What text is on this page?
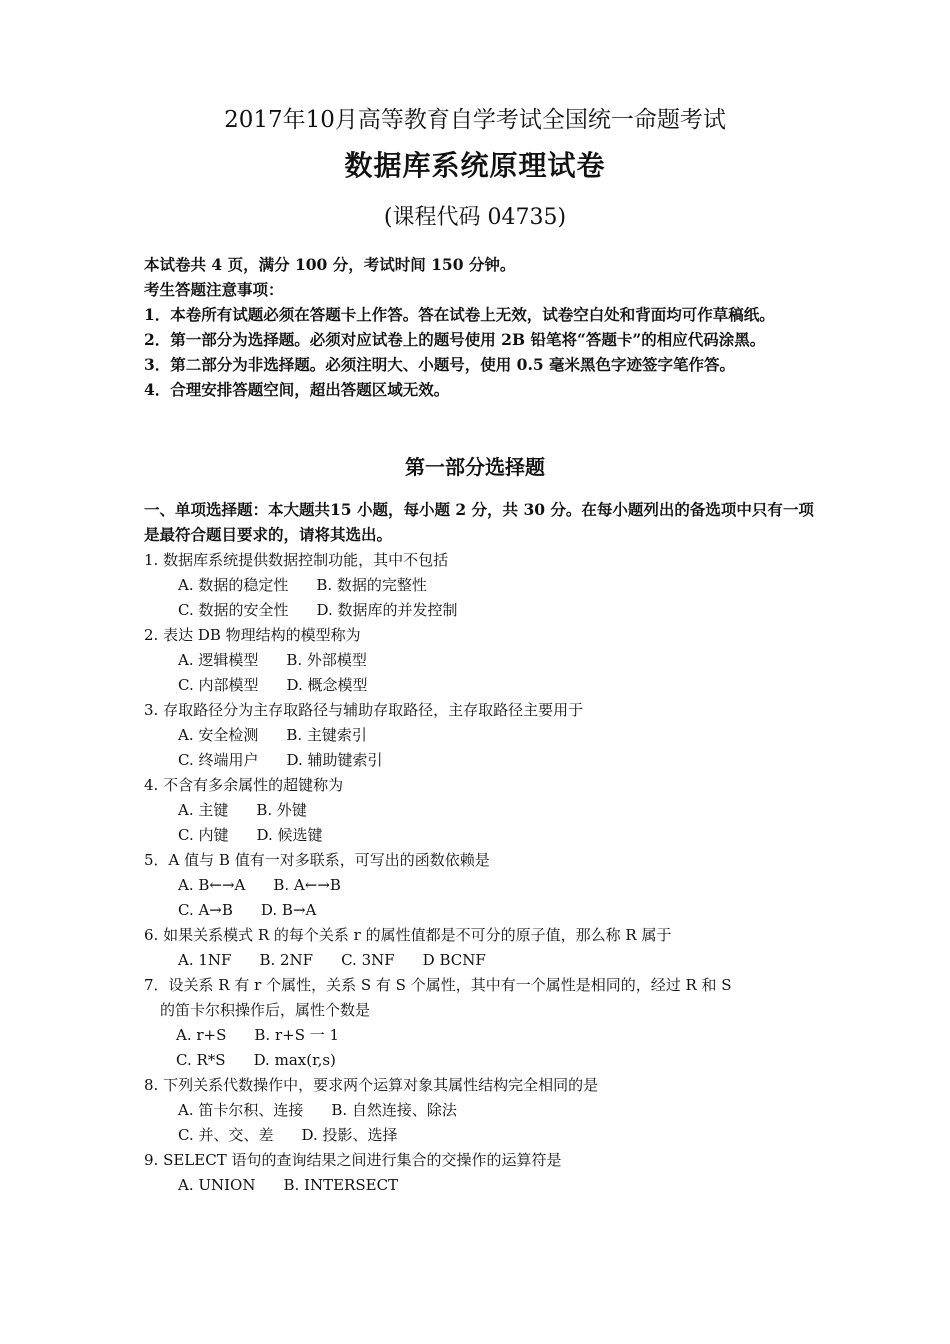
2017年10月高等教育自学考试全国统一命题考试
数据库系统原理试卷
(课程代码 04735)
本试卷共 4 页，满分 100 分，考试时间 150 分钟。
考生答题注意事项：
1．本卷所有试题必须在答题卡上作答。答在试卷上无效，试卷空白处和背面均可作草稿纸。
2．第一部分为选择题。必须对应试卷上的题号使用 2B 铅笔将“答题卡”的相应代码涂黑。
3．第二部分为非选择题。必须注明大、小题号，使用 0.5 毫米黑色字迹签字笔作答。
4．合理安排答题空间，超出答题区域无效。
第一部分选择题
一、单项选择题：本大题共15 小题，每小题 2 分，共 30 分。在每小题列出的备选项中只有一项是最符合题目要求的，请将其选出。
1. 数据库系统提供数据控制功能，其中不包括
A. 数据的稳定性 B. 数据的完整性
C. 数据的安全性 D. 数据库的并发控制
2. 表达 DB 物理结构的模型称为
A. 逻辑模型 B. 外部模型
C. 内部模型 D. 概念模型
3. 存取路径分为主存取路径与辅助存取路径，主存取路径主要用于
A. 安全检测 B. 主键索引
C. 终端用户 D. 辅助键索引
4. 不含有多余属性的超键称为
A. 主键 B. 外键
C. 内键 D. 候选键
5．A 值与 B 值有一对多联系，可写出的函数依赖是
A. B←→A B. A←→B
C. A→B D. B→A
6. 如果关系模式 R 的每个关系 r 的属性值都是不可分的原子值，那么称 R 属于
A. 1NF B. 2NF C. 3NF D BCNF
7．设关系 R 有 r 个属性，关系 S 有 S 个属性，其中有一个属性是相同的，经过 R 和 S
的笛卡尔积操作后，属性个数是
A. r+S B. r+S 一 1
C. R*S D. max(r,s)
8. 下列关系代数操作中，要求两个运算对象其属性结构完全相同的是
A. 笛卡尔积、连接 B. 自然连接、除法
C. 并、交、差 D. 投影、选择
9. SELECT 语句的查询结果之间进行集合的交操作的运算符是
A. UNION B. INTERSECT
